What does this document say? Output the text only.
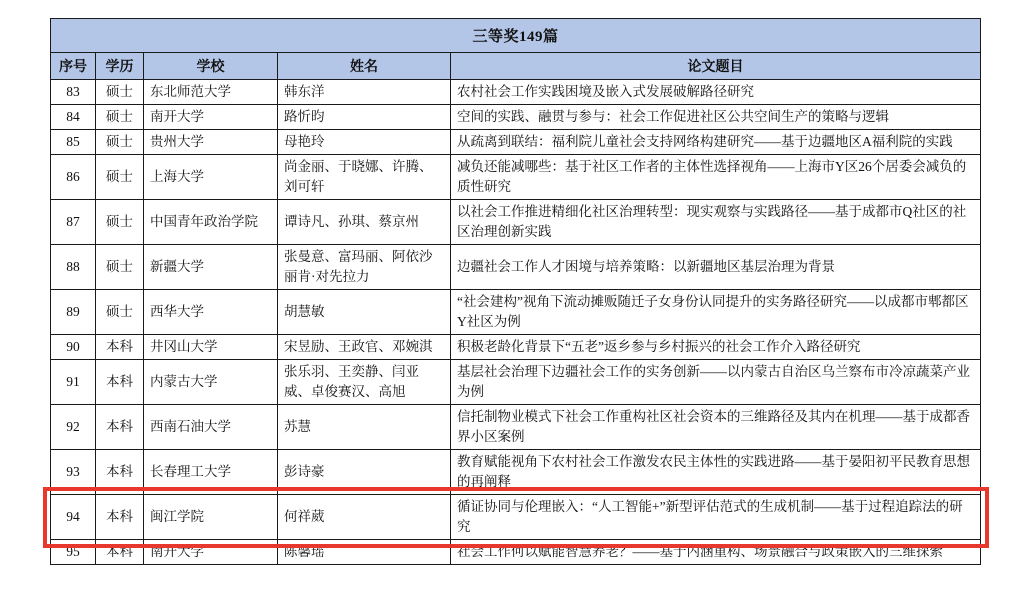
三等奖149篇				
序号	学历	学校	姓名	论文题目
83	硕士	东北师范大学	韩东洋	农村社会工作实践困境及嵌入式发展破解路径研究
84	硕士	南开大学	路忻昀	空间的实践、融贯与参与：社会工作促进社区公共空间生产的策略与逻辑
85	硕士	贵州大学	母艳玲	从疏离到联结：福利院儿童社会支持网络构建研究——基于边疆地区A福利院的实践
86	硕士	上海大学	尚金丽、于晓娜、许腾、刘可轩	减负还能减哪些：基于社区工作者的主体性选择视角——上海市Y区26个居委会减负的质性研究
87	硕士	中国青年政治学院	谭诗凡、孙琪、蔡京州	以社会工作推进精细化社区治理转型：现实观察与实践路径——基于成都市Q社区的社区治理创新实践
88	硕士	新疆大学	张曼意、富玛丽、阿依沙丽肯·对先拉力	边疆社会工作人才困境与培养策略：以新疆地区基层治理为背景
89	硕士	西华大学	胡慧敏	“社会建构”视角下流动摊贩随迁子女身份认同提升的实务路径研究——以成都市郫都区Y社区为例
90	本科	井冈山大学	宋昱励、王政官、邓婉淇	积极老龄化背景下“五老”返乡参与乡村振兴的社会工作介入路径研究
91	本科	内蒙古大学	张乐羽、王奕静、闫亚威、卓俊赛汉、高旭	基层社会治理下边疆社会工作的实务创新——以内蒙古自治区乌兰察布市冷凉蔬菜产业为例
92	本科	西南石油大学	苏慧	信托制物业模式下社会工作重构社区社会资本的三维路径及其内在机理——基于成都香界小区案例
93	本科	长春理工大学	彭诗豪	教育赋能视角下农村社会工作激发农民主体性的实践进路——基于晏阳初平民教育思想的再阐释
94	本科	闽江学院	何祥葳	循证协同与伦理嵌入：“人工智能+”新型评估范式的生成机制——基于过程追踪法的研究
95	本科	南开大学	陈馨瑶	社会工作何以赋能智慧养老？——基于内涵重构、场景融合与政策嵌入的三维探索
